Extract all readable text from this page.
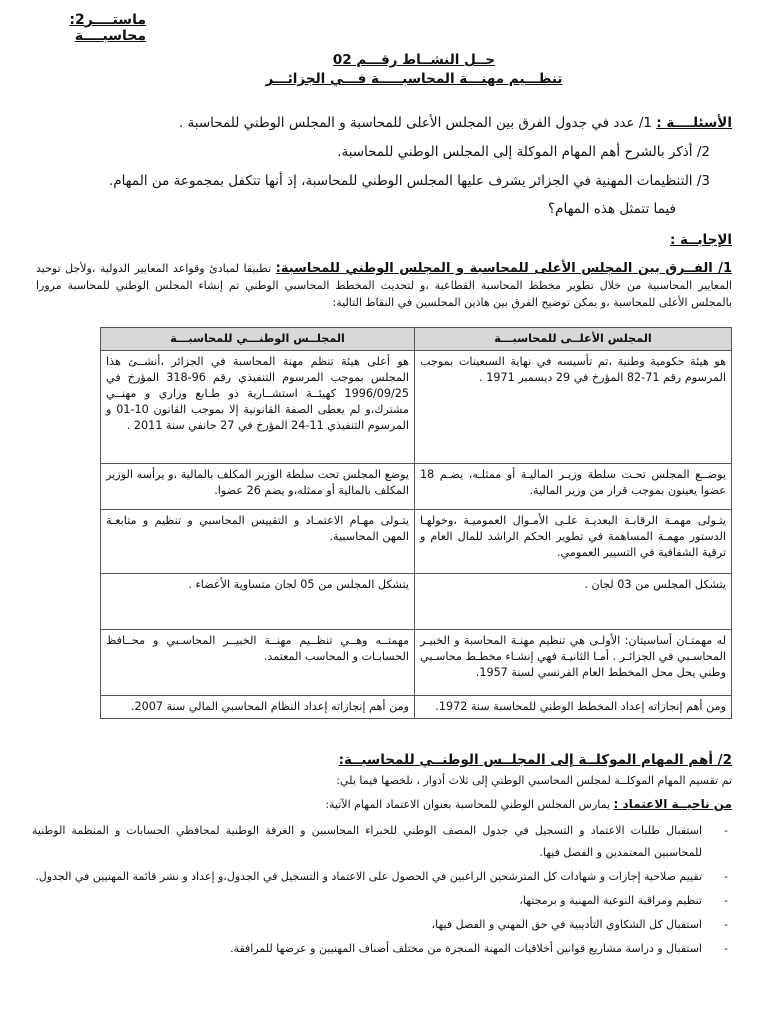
ماستــــر2: محاسبــــة
حــل النشــاط رقـــم 02
تنظـــيم مهنـــة المحاسبـــــة فـــي الجزائـــر
الأسئلــــة : 1/ عدد في جدول الفرق بين المجلس الأعلى للمحاسبة و المجلس الوطني للمحاسبة .
2/ أذكر بالشرح أهم المهام الموكلة إلى المجلس الوطني للمحاسبة.
3/ التنظيمات المهنية في الجزائر يشرف عليها المجلس الوطني للمحاسبة، إذ أنها تتكفل بمجموعة من المهام.
فيما تتمثل هذه المهام؟
الإجابــة :
1/ الفــرق بين المجلس الأعلى للمحاسبة و المجلس الوطني للمحاسبة: تطبيقا لمبادئ وقواعد المعايير الدولية ،ولأجل توحيد المعايير المحاسبية من خلال تطوير مخطط المحاسبة القطاعية ،و لتحديث المخطط المحاسبي الوطني تم إنشاء المجلس الوطني للمحاسبة مرورا بالمجلس الأعلى للمحاسبة ،و يمكن توضيح الفرق بين هاذين المجلسين في النقاط التالية:
المجلس الأعلــى للمحاسبـــة	المجلــس الوطنـــي للمحاسبـــة
هو هيئة حكومية وطنية ،تم تأسيسه في نهاية السبعينات بموجب المرسوم رقم 71-82 المؤرخ في 29 ديسمبر 1971 .	هو أعلى هيئة تنظم مهنة المحاسبة في الجزائر ،أنشــئ هذا المجلس بموجب المرسوم التنفيذي رقم 96-318 المؤرخ في 1996/09/25 كهيئــة استشــارية ذو طـابع وزاري و مهنــي مشترك،و لم يعطى الصفة القانونية إلا بموجب القانون 10-01 و المرسوم التنفيذي 11-24 المؤرخ في 27 جانفي سنة 2011 .
يوضــع المجلس تحـت سلطة وزيـر الماليـة أو ممثلـه، يضـم 18 عضوا يعينون بموجب قرار من وزير المالية.	يوضع المجلس تحت سلطة الوزير المكلف بالمالية ،و يرأسه الوزير المكلف بالمالية أو ممثله،و يضم 26 عضوا.
يتـولى مهمـة الرقابـة البعديـة علـى الأمـوال العموميـة ،وخولهـا الدستور مهمـة المساهمة في تطوير الحكم الراشد للمال العام و ترقية الشفافية في التسيير العمومي.	يتـولى مهـام الاعتمـاد و التقييس المحاسبي و تنظيم و متابعـة المهن المحاسبية.
يتشكل المجلس من 03 لجان .	يتشكل المجلس من 05 لجان متساوية الأعضاء .
له مهمتـان أساسيتان: الأولـى هي تنظيم مهنـة المحاسبة و الخبيـر المحاسـبي في الجزائـر . أمـا الثانيـة فهي إنشـاء مخطـط محاسـبي وطني يحل محل المخطط العام الفرنسي لسنة 1957.	مهمتــه وهــي تنظــيم مهنــة الخبيــر المحاسـبي و محــافظ الحسابـات و المحاسب المعتمد.
ومن أهم إنجازاته إعداد المخطط الوطني للمحاسبة سنة 1972.	ومن أهم إنجازاته إعداد النظام المحاسبي المالي سنة 2007.
2/ أهم المهام الموكلــة إلى المجلــس الوطنــي للمحاسبــة:
تم تقسيم المهام الموكلــة لمجلس المحاسبي الوطني إلى ثلاث أدوار ، نلخصها فيما يلي:
من ناحيــة الاعتماد : يمارس المجلس الوطني للمحاسبة بعنوان الاعتماد المهام الآتية:
- استقبال طلبات الاعتماد و التسجيل في جدول المصف الوطني للخبراء المحاسبين و الغرفة الوطنية لمحافظي الحسابات و المنظمة الوطنية للمحاسبين المعتمدين و الفصل فيها.
- تقييم صلاحية إجازات و شهادات كل المترشحين الراغبين في الحصول على الاعتماد و التسجيل في الجدول،و إعداد و نشر قائمة المهنيين في الجدول.
- تنظيم ومراقبة النوعية المهنية و برمجتها،
- استقبال كل الشكاوي التأديبية في حق المهني و الفصل فيها،
- استقبال و دراسة مشاريع قوانين أخلاقيات المهنة المنجزة من مختلف أصناف المهنيين و عرضها للمرافقة.
